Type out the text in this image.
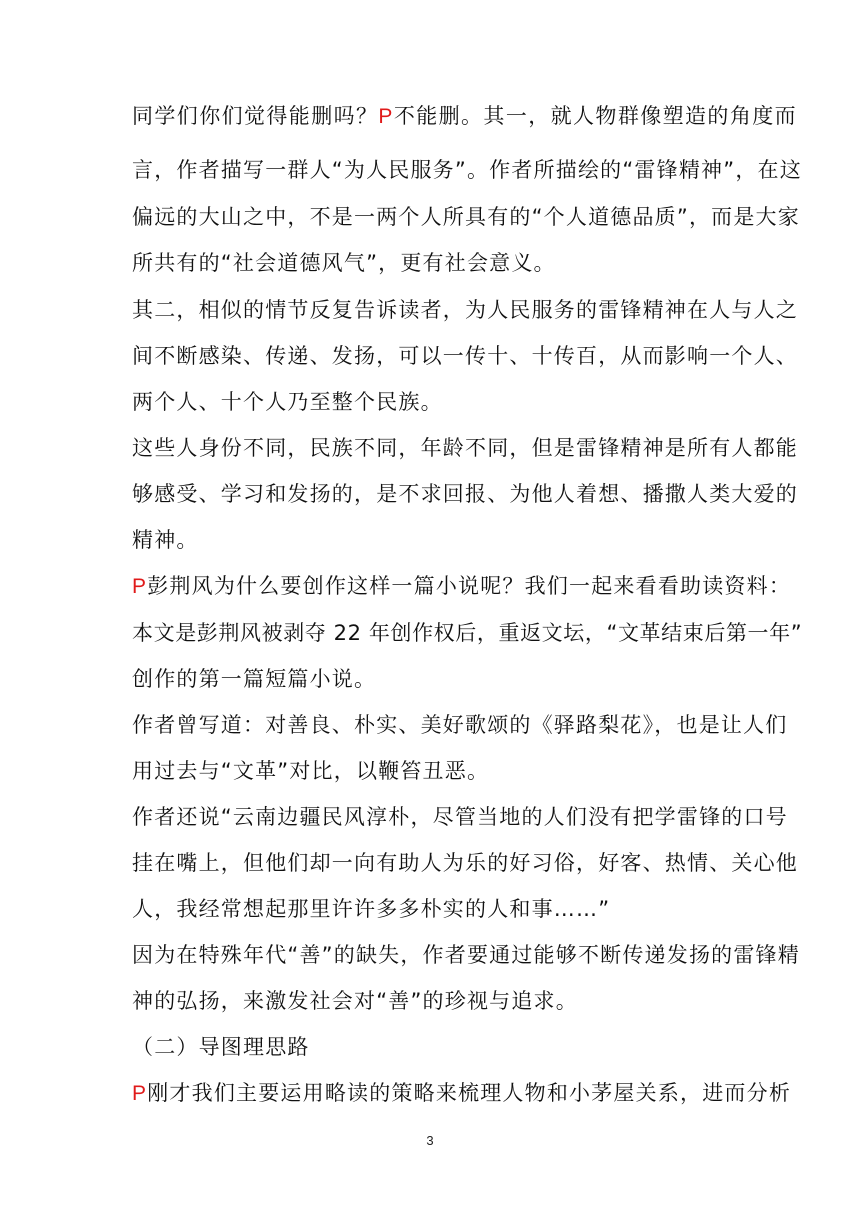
同学们你们觉得能删吗？P不能删。其一，就人物群像塑造的角度而
言，作者描写一群人“为人民服务”。作者所描绘的“雷锋精神”，在这
偏远的大山之中，不是一两个人所具有的“个人道德品质”，而是大家
所共有的“社会道德风气”，更有社会意义。
其二，相似的情节反复告诉读者，为人民服务的雷锋精神在人与人之
间不断感染、传递、发扬，可以一传十、十传百，从而影响一个人、
两个人、十个人乃至整个民族。
这些人身份不同，民族不同，年龄不同，但是雷锋精神是所有人都能
够感受、学习和发扬的，是不求回报、为他人着想、播撒人类大爱的
精神。
P彭荆风为什么要创作这样一篇小说呢？我们一起来看看助读资料：
本文是彭荆风被剥夺 22 年创作权后，重返文坛，“文革结束后第一年”
创作的第一篇短篇小说。
作者曾写道：对善良、朴实、美好歌颂的《驿路梨花》，也是让人们
用过去与“文革”对比，以鞭笞丑恶。
作者还说“云南边疆民风淳朴，尽管当地的人们没有把学雷锋的口号
挂在嘴上，但他们却一向有助人为乐的好习俗，好客、热情、关心他
人，我经常想起那里许许多多朴实的人和事……”
因为在特殊年代“善”的缺失，作者要通过能够不断传递发扬的雷锋精
神的弘扬，来激发社会对“善”的珍视与追求。
（二）导图理思路
P刚才我们主要运用略读的策略来梳理人物和小茅屋关系，进而分析
3
